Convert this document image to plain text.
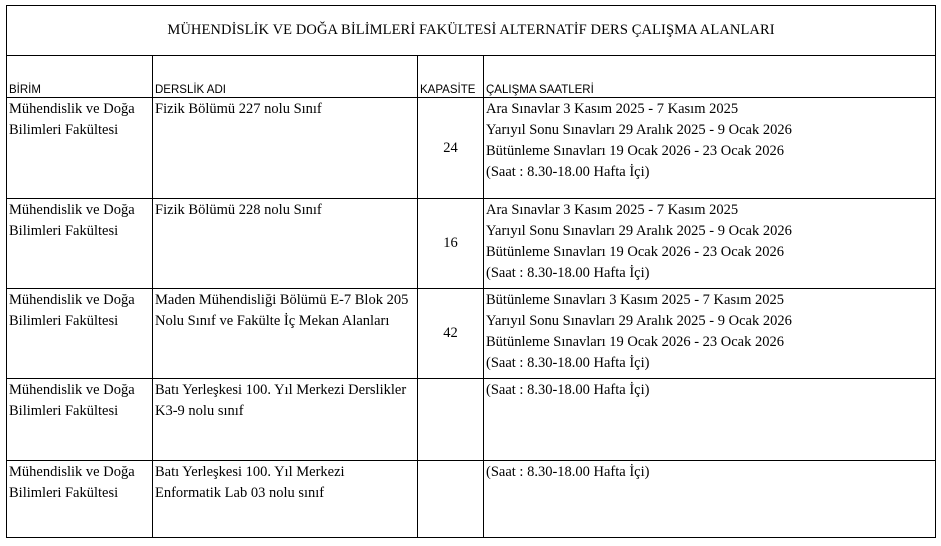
MÜHENDİSLİK VE DOĞA BİLİMLERİ FAKÜLTESİ ALTERNATİF DERS ÇALIŞMA ALANLARI			
BİRİM	DERSLİK ADI	KAPASİTE	ÇALIŞMA SAATLERİ

Mühendislik ve Doğa
Bilimleri Fakültesi	Fizik Bölümü 227 nolu Sınıf	24	Ara Sınavlar 3 Kasım 2025 - 7 Kasım 2025
Yarıyıl Sonu Sınavları 29 Aralık 2025 - 9 Ocak 2026
Bütünleme Sınavları 19 Ocak 2026 - 23 Ocak 2026
(Saat : 8.30-18.00 Hafta İçi)

Mühendislik ve Doğa
Bilimleri Fakültesi	Fizik Bölümü 228 nolu Sınıf	16	Ara Sınavlar 3 Kasım 2025 - 7 Kasım 2025
Yarıyıl Sonu Sınavları 29 Aralık 2025 - 9 Ocak 2026
Bütünleme Sınavları 19 Ocak 2026 - 23 Ocak 2026
(Saat : 8.30-18.00 Hafta İçi)

Mühendislik ve Doğa
Bilimleri Fakültesi	Maden Mühendisliği Bölümü E-7 Blok 205
Nolu Sınıf ve Fakülte İç Mekan Alanları	42	Bütünleme Sınavları 3 Kasım 2025 - 7 Kasım 2025
Yarıyıl Sonu Sınavları 29 Aralık 2025 - 9 Ocak 2026
Bütünleme Sınavları 19 Ocak 2026 - 23 Ocak 2026
(Saat : 8.30-18.00 Hafta İçi)

Mühendislik ve Doğa
Bilimleri Fakültesi	Batı Yerleşkesi 100. Yıl Merkezi Derslikler
K3-9 nolu sınıf		(Saat : 8.30-18.00 Hafta İçi)

Mühendislik ve Doğa
Bilimleri Fakültesi	Batı Yerleşkesi 100. Yıl Merkezi
Enformatik Lab 03 nolu sınıf		(Saat : 8.30-18.00 Hafta İçi)
